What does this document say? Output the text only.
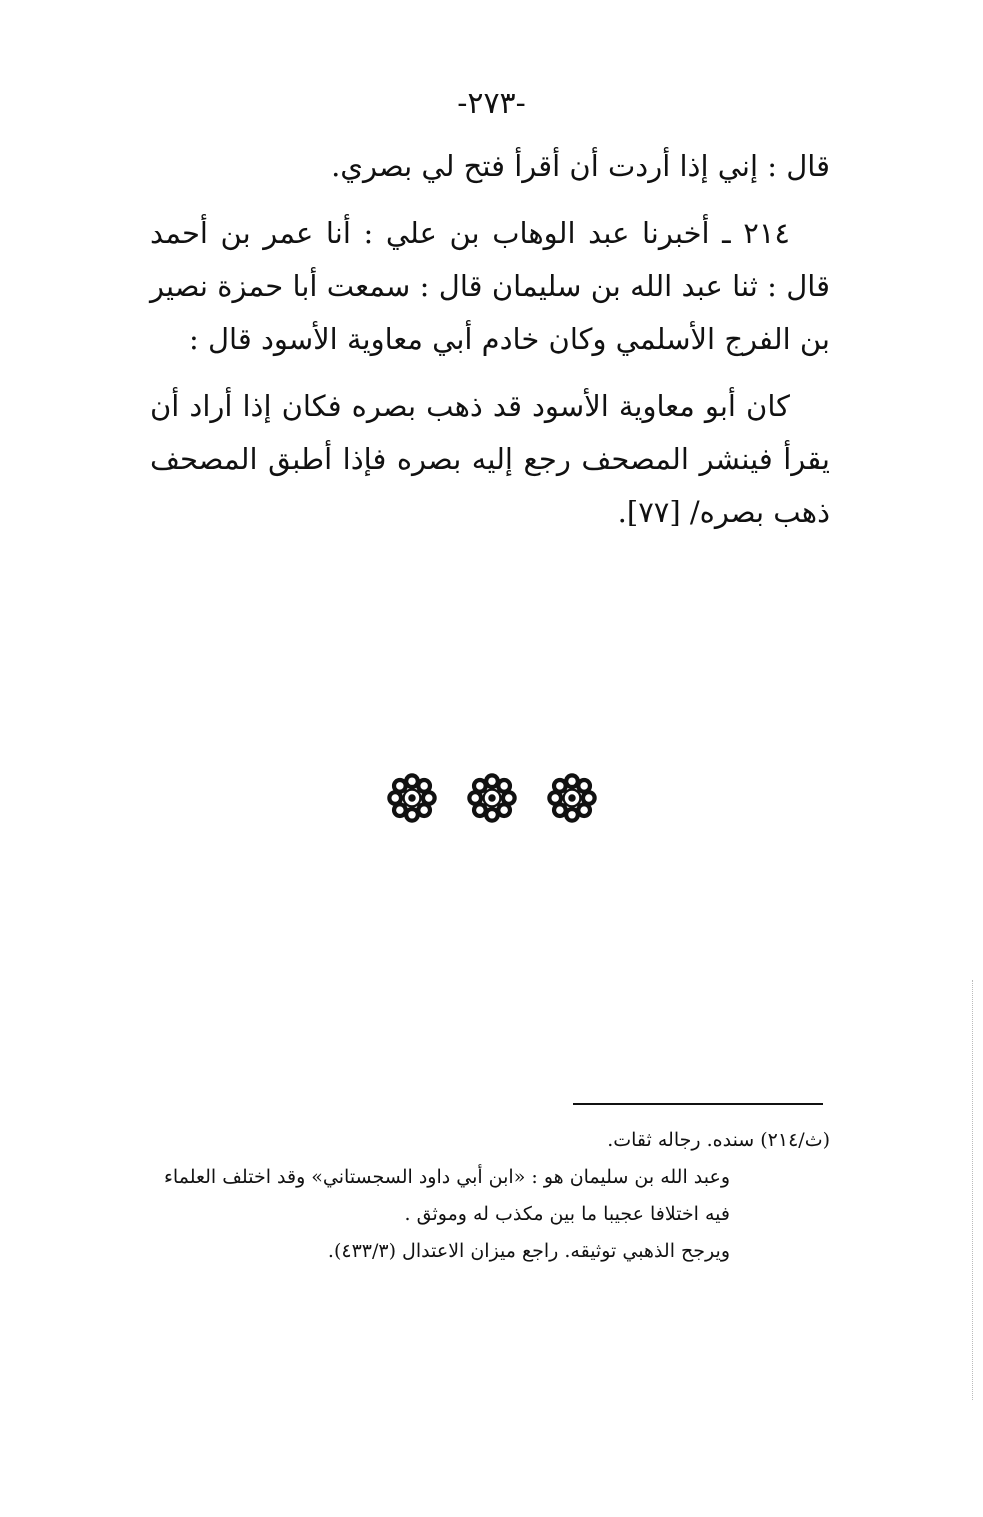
-٢٧٣-

قال : إني إذا أردت أن أقرأ فتح لي بصري.

٢١٤ ـ أخبرنا عبد الوهاب بن علي : أنا عمر بن أحمد قال : ثنا عبد الله بن سليمان قال : سمعت أبا حمزة نصير بن الفرج الأسلمي وكان خادم أبي معاوية الأسود قال :

كان أبو معاوية الأسود قد ذهب بصره فكان إذا أراد أن يقرأ فينشر المصحف رجع إليه بصره فإذا أطبق المصحف ذهب بصره/ [٧٧].

(ث/٢١٤) سنده. رجاله ثقات.

وعبد الله بن سليمان هو : «ابن أبي داود السجستاني» وقد اختلف العلماء فيه اختلافا عجيبا ما بين مكذب له وموثق .

ويرجح الذهبي توثيقه. راجع ميزان الاعتدال (٤٣٣/٣).
